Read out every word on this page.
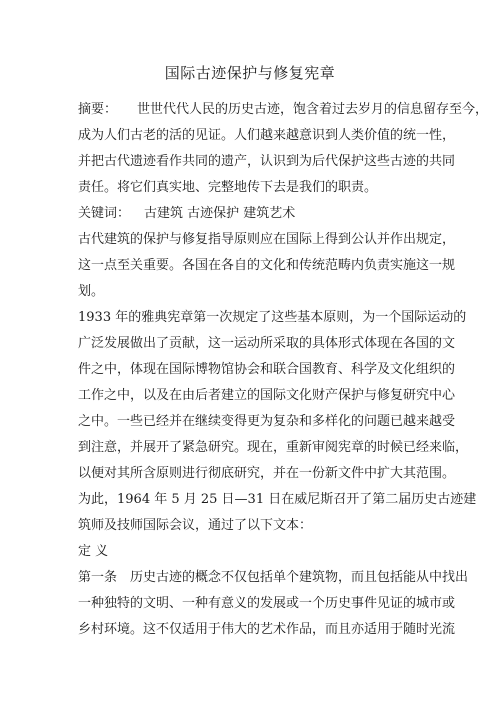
国际古迹保护与修复宪章
摘要： 世世代代人民的历史古迹，饱含着过去岁月的信息留存至今，
成为人们古老的活的见证。人们越来越意识到人类价值的统一性，
并把古代遗迹看作共同的遗产，认识到为后代保护这些古迹的共同
责任。将它们真实地、完整地传下去是我们的职责。
关键词： 古建筑 古迹保护 建筑艺术
古代建筑的保护与修复指导原则应在国际上得到公认并作出规定，
这一点至关重要。各国在各自的文化和传统范畴内负责实施这一规
划。
1933 年的雅典宪章第一次规定了这些基本原则，为一个国际运动的
广泛发展做出了贡献，这一运动所采取的具体形式体现在各国的文
件之中，体现在国际博物馆协会和联合国教育、科学及文化组织的
工作之中，以及在由后者建立的国际文化财产保护与修复研究中心
之中。一些已经并在继续变得更为复杂和多样化的问题已越来越受
到注意，并展开了紧急研究。现在，重新审阅宪章的时候已经来临，
以便对其所含原则进行彻底研究，并在一份新文件中扩大其范围。
为此，1964 年 5 月 25 日—31 日在威尼斯召开了第二届历史古迹建
筑师及技师国际会议，通过了以下文本：
定 义
第一条　历史古迹的概念不仅包括单个建筑物，而且包括能从中找出
一种独特的文明、一种有意义的发展或一个历史事件见证的城市或
乡村环境。这不仅适用于伟大的艺术作品，而且亦适用于随时光流
